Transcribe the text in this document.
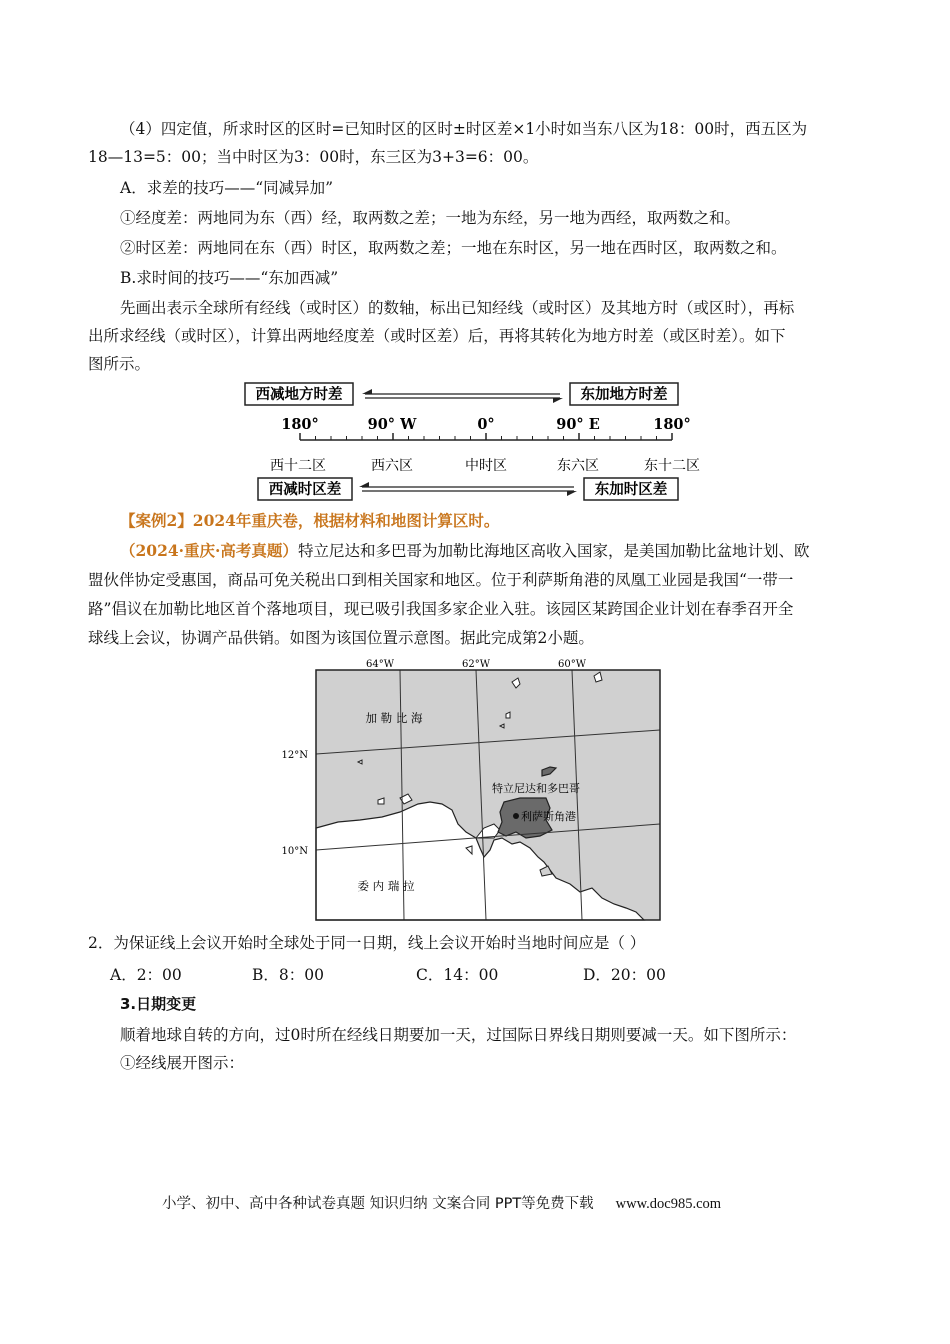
（4）四定值，所求时区的区时=已知时区的区时±时区差×1小时如当东八区为18：00时，西五区为
18—13=5：00；当中时区为3：00时，东三区为3+3=6：00。
A．求差的技巧——“同减异加”
①经度差：两地同为东（西）经，取两数之差；一地为东经，另一地为西经，取两数之和。
②时区差：两地同在东（西）时区，取两数之差；一地在东时区，另一地在西时区，取两数之和。
B.求时间的技巧——“东加西减”
先画出表示全球所有经线（或时区）的数轴，标出已知经线（或时区）及其地方时（或区时），再标
出所求经线（或时区），计算出两地经度差（或时区差）后，再将其转化为地方时差（或区时差）。如下
图所示。
西减地方时差	东加地方时差
180°	90° W	0°	90° E	180°
西十二区	西六区	中时区	东六区	东十二区
西减时区差	东加时区差
【案例2】2024年重庆卷，根据材料和地图计算区时。
（2024·重庆·高考真题）特立尼达和多巴哥为加勒比海地区高收入国家，是美国加勒比盆地计划、欧
盟伙伴协定受惠国，商品可免关税出口到相关国家和地区。位于利萨斯角港的凤凰工业园是我国“一带一
路”倡议在加勒比地区首个落地项目，现已吸引我国多家企业入驻。该园区某跨国企业计划在春季召开全
球线上会议，协调产品供销。如图为该国位置示意图。据此完成第2小题。
64°W	62°W	60°W
12°N
10°N
加 勒 比 海
特立尼达和多巴哥
利萨斯角港
委 内 瑞 拉
2．为保证线上会议开始时全球处于同一日期，线上会议开始时当地时间应是（ ）
A．2：00	B．8：00	C．14：00	D．20：00
3.日期变更
顺着地球自转的方向，过0时所在经线日期要加一天，过国际日界线日期则要减一天。如下图所示：
①经线展开图示：
小学、初中、高中各种试卷真题 知识归纳 文案合同 PPT等免费下载 www.doc985.com
